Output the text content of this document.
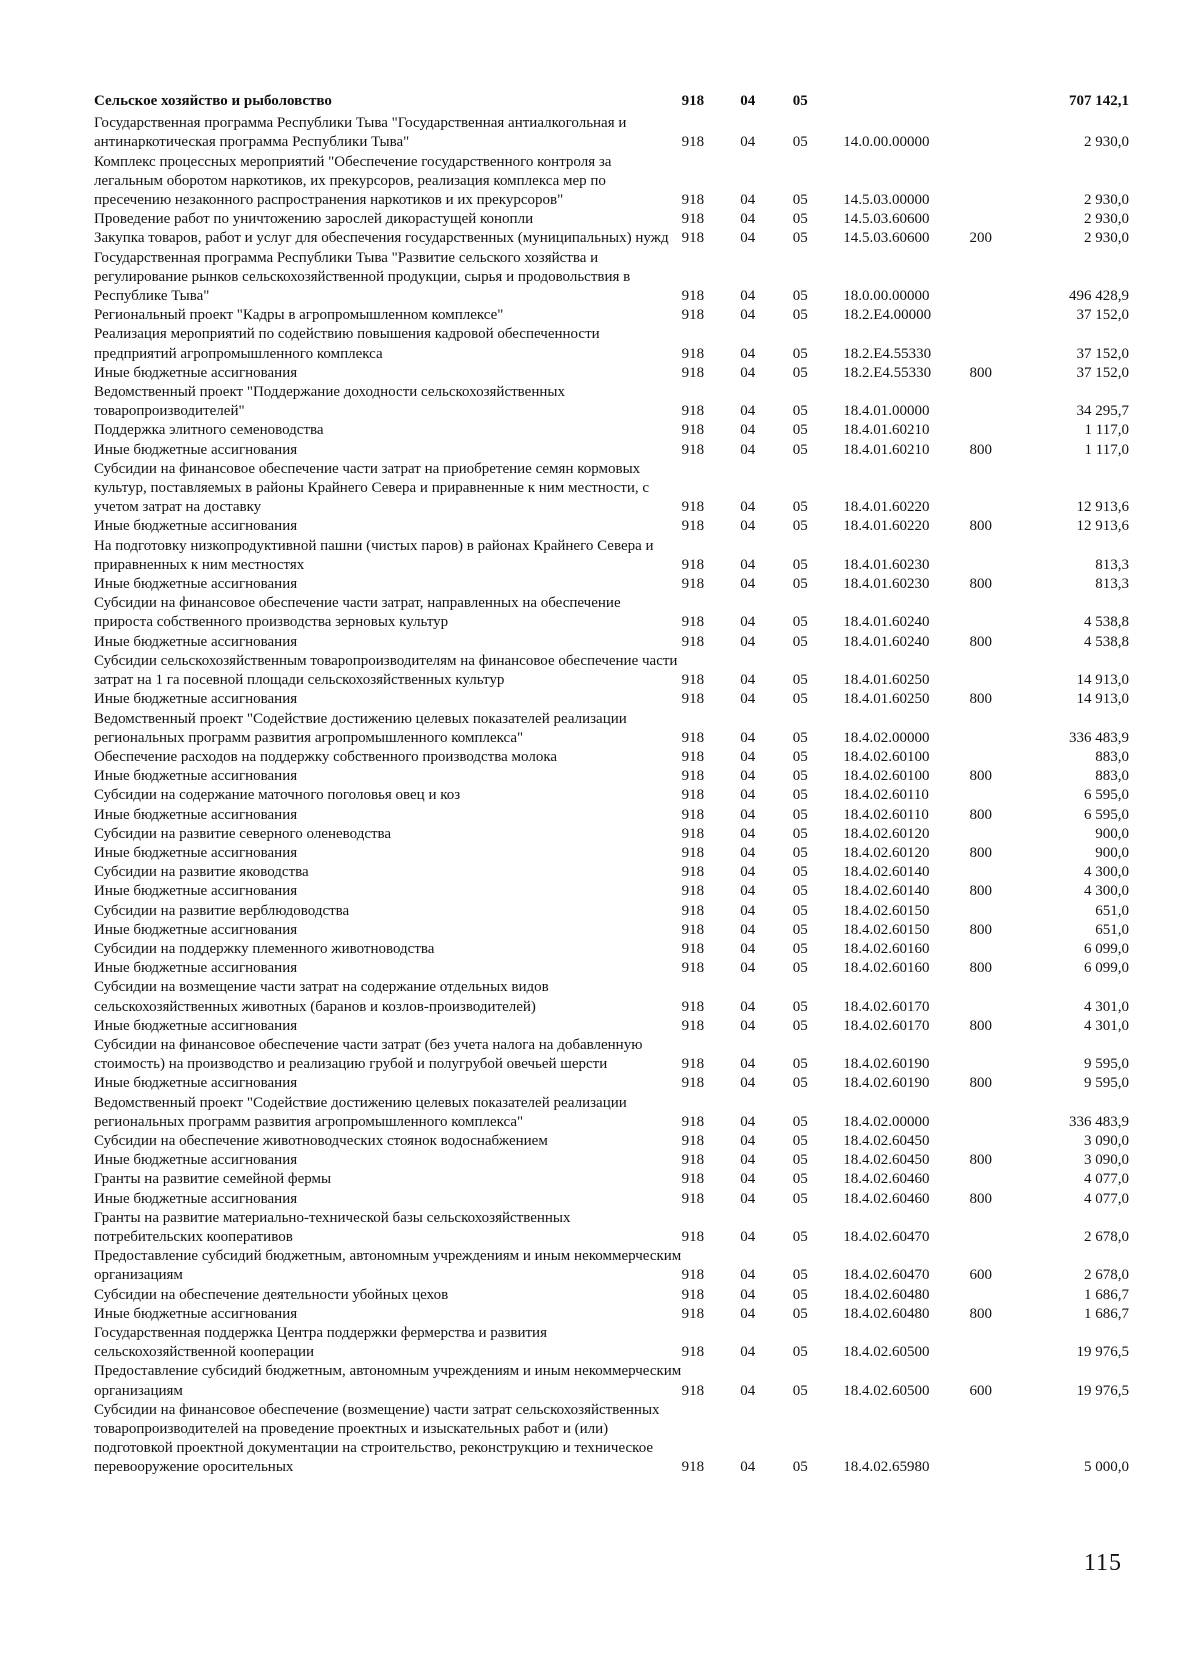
Сельское хозяйство и рыболовство	918	04	05			707 142,1
Государственная программа Республики Тыва "Государственная антиалкогольная и антинаркотическая программа Республики Тыва"	918	04	05	14.0.00.00000		2 930,0
Комплекс процессных мероприятий "Обеспечение государственного контроля за легальным оборотом наркотиков, их прекурсоров, реализация комплекса мер по пресечению незаконного распространения наркотиков и их прекурсоров"	918	04	05	14.5.03.00000		2 930,0
Проведение работ по уничтожению зарослей дикорастущей конопли	918	04	05	14.5.03.60600		2 930,0
Закупка товаров, работ и услуг для обеспечения государственных (муниципальных) нужд	918	04	05	14.5.03.60600	200	2 930,0
Государственная программа Республики Тыва "Развитие сельского хозяйства и регулирование рынков сельскохозяйственной продукции, сырья и продовольствия в Республике Тыва"	918	04	05	18.0.00.00000		496 428,9
Региональный проект "Кадры в агропромышленном комплексе"	918	04	05	18.2.Е4.00000		37 152,0
Реализация мероприятий по содействию повышения кадровой обеспеченности предприятий агропромышленного комплекса	918	04	05	18.2.Е4.55330		37 152,0
Иные бюджетные ассигнования	918	04	05	18.2.Е4.55330	800	37 152,0
Ведомственный проект "Поддержание доходности сельскохозяйственных товаропроизводителей"	918	04	05	18.4.01.00000		34 295,7
Поддержка элитного семеноводства	918	04	05	18.4.01.60210		1 117,0
Иные бюджетные ассигнования	918	04	05	18.4.01.60210	800	1 117,0
Субсидии на финансовое обеспечение части затрат на приобретение семян кормовых культур, поставляемых в районы Крайнего Севера и приравненные к ним местности, с учетом затрат на доставку	918	04	05	18.4.01.60220		12 913,6
Иные бюджетные ассигнования	918	04	05	18.4.01.60220	800	12 913,6
На подготовку низкопродуктивной пашни (чистых паров) в районах Крайнего Севера и приравненных к ним местностях	918	04	05	18.4.01.60230		813,3
Иные бюджетные ассигнования	918	04	05	18.4.01.60230	800	813,3
Субсидии на финансовое обеспечение части затрат, направленных на обеспечение прироста собственного производства зерновых культур	918	04	05	18.4.01.60240		4 538,8
Иные бюджетные ассигнования	918	04	05	18.4.01.60240	800	4 538,8
Субсидии сельскохозяйственным товаропроизводителям на финансовое обеспечение части затрат на 1 га посевной площади сельскохозяйственных культур	918	04	05	18.4.01.60250		14 913,0
Иные бюджетные ассигнования	918	04	05	18.4.01.60250	800	14 913,0
Ведомственный проект "Содействие достижению целевых показателей реализации региональных программ развития агропромышленного комплекса"	918	04	05	18.4.02.00000		336 483,9
Обеспечение расходов на поддержку собственного производства молока	918	04	05	18.4.02.60100		883,0
Иные бюджетные ассигнования	918	04	05	18.4.02.60100	800	883,0
Субсидии на содержание маточного поголовья овец и коз	918	04	05	18.4.02.60110		6 595,0
Иные бюджетные ассигнования	918	04	05	18.4.02.60110	800	6 595,0
Субсидии на развитие северного оленеводства	918	04	05	18.4.02.60120		900,0
Иные бюджетные ассигнования	918	04	05	18.4.02.60120	800	900,0
Субсидии на развитие яководства	918	04	05	18.4.02.60140		4 300,0
Иные бюджетные ассигнования	918	04	05	18.4.02.60140	800	4 300,0
Субсидии на развитие верблюдоводства	918	04	05	18.4.02.60150		651,0
Иные бюджетные ассигнования	918	04	05	18.4.02.60150	800	651,0
Субсидии на поддержку племенного животноводства	918	04	05	18.4.02.60160		6 099,0
Иные бюджетные ассигнования	918	04	05	18.4.02.60160	800	6 099,0
Субсидии на возмещение части затрат на содержание отдельных видов сельскохозяйственных животных (баранов и козлов-производителей)	918	04	05	18.4.02.60170		4 301,0
Иные бюджетные ассигнования	918	04	05	18.4.02.60170	800	4 301,0
Субсидии на финансовое обеспечение части затрат (без учета налога на добавленную стоимость) на производство и реализацию грубой и полугрубой овечьей шерсти	918	04	05	18.4.02.60190		9 595,0
Иные бюджетные ассигнования	918	04	05	18.4.02.60190	800	9 595,0
Ведомственный проект "Содействие достижению целевых показателей реализации региональных программ развития агропромышленного комплекса"	918	04	05	18.4.02.00000		336 483,9
Субсидии на обеспечение животноводческих стоянок водоснабжением	918	04	05	18.4.02.60450		3 090,0
Иные бюджетные ассигнования	918	04	05	18.4.02.60450	800	3 090,0
Гранты на развитие семейной фермы	918	04	05	18.4.02.60460		4 077,0
Иные бюджетные ассигнования	918	04	05	18.4.02.60460	800	4 077,0
Гранты на развитие материально-технической базы сельскохозяйственных потребительских кооперативов	918	04	05	18.4.02.60470		2 678,0
Предоставление субсидий бюджетным, автономным учреждениям и иным некоммерческим организациям	918	04	05	18.4.02.60470	600	2 678,0
Субсидии на обеспечение деятельности убойных цехов	918	04	05	18.4.02.60480		1 686,7
Иные бюджетные ассигнования	918	04	05	18.4.02.60480	800	1 686,7
Государственная поддержка Центра поддержки фермерства и развития сельскохозяйственной кооперации	918	04	05	18.4.02.60500		19 976,5
Предоставление субсидий бюджетным, автономным учреждениям и иным некоммерческим организациям	918	04	05	18.4.02.60500	600	19 976,5
Субсидии на финансовое обеспечение (возмещение) части затрат сельскохозяйственных товаропроизводителей на проведение проектных и изыскательных работ и (или) подготовкой проектной документации на строительство, реконструкцию и техническое перевооружение оросительных	918	04	05	18.4.02.65980		5 000,0
115
